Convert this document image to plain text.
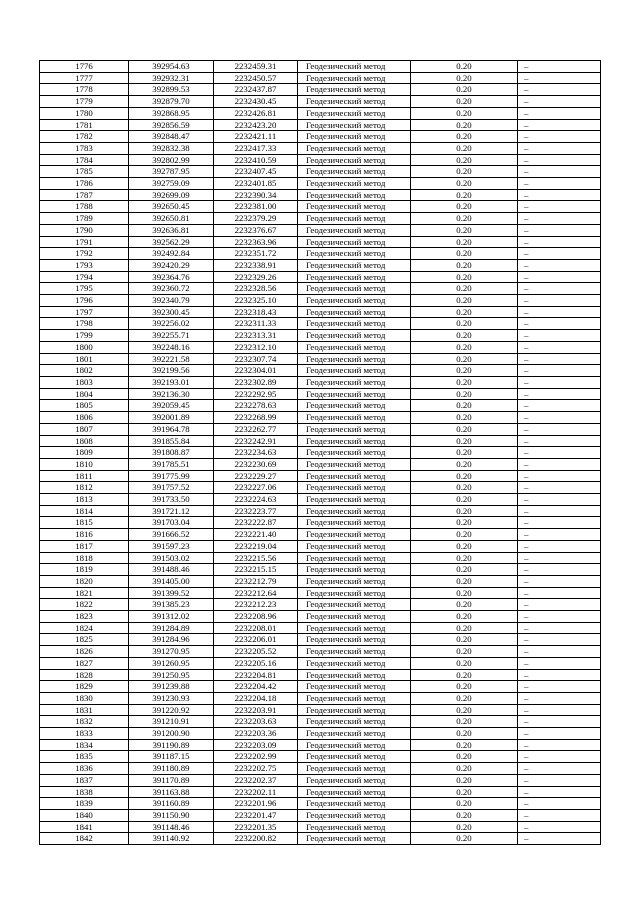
1776	392954.63	2232459.31	Геодезический метод	0.20	–
1777	392932.31	2232450.57	Геодезический метод	0.20	–
1778	392899.53	2232437.87	Геодезический метод	0.20	–
1779	392879.70	2232430.45	Геодезический метод	0.20	–
1780	392868.95	2232426.81	Геодезический метод	0.20	–
1781	392856.59	2232423.20	Геодезический метод	0.20	–
1782	392848.47	2232421.11	Геодезический метод	0.20	–
1783	392832.38	2232417.33	Геодезический метод	0.20	–
1784	392802.99	2232410.59	Геодезический метод	0.20	–
1785	392787.95	2232407.45	Геодезический метод	0.20	–
1786	392759.09	2232401.85	Геодезический метод	0.20	–
1787	392699.09	2232390.34	Геодезический метод	0.20	–
1788	392650.45	2232381.00	Геодезический метод	0.20	–
1789	392650.81	2232379.29	Геодезический метод	0.20	–
1790	392636.81	2232376.67	Геодезический метод	0.20	–
1791	392562.29	2232363.96	Геодезический метод	0.20	–
1792	392492.84	2232351.72	Геодезический метод	0.20	–
1793	392420.29	2232338.91	Геодезический метод	0.20	–
1794	392364.76	2232329.26	Геодезический метод	0.20	–
1795	392360.72	2232328.56	Геодезический метод	0.20	–
1796	392340.79	2232325.10	Геодезический метод	0.20	–
1797	392300.45	2232318.43	Геодезический метод	0.20	–
1798	392256.02	2232311.33	Геодезический метод	0.20	–
1799	392255.71	2232313.31	Геодезический метод	0.20	–
1800	392248.16	2232312.10	Геодезический метод	0.20	–
1801	392221.58	2232307.74	Геодезический метод	0.20	–
1802	392199.56	2232304.01	Геодезический метод	0.20	–
1803	392193.01	2232302.89	Геодезический метод	0.20	–
1804	392136.30	2232292.95	Геодезический метод	0.20	–
1805	392059.45	2232278.63	Геодезический метод	0.20	–
1806	392001.89	2232268.99	Геодезический метод	0.20	–
1807	391964.78	2232262.77	Геодезический метод	0.20	–
1808	391855.84	2232242.91	Геодезический метод	0.20	–
1809	391808.87	2232234.63	Геодезический метод	0.20	–
1810	391785.51	2232230.69	Геодезический метод	0.20	–
1811	391775.99	2232229.27	Геодезический метод	0.20	–
1812	391757.52	2232227.06	Геодезический метод	0.20	–
1813	391733.50	2232224.63	Геодезический метод	0.20	–
1814	391721.12	2232223.77	Геодезический метод	0.20	–
1815	391703.04	2232222.87	Геодезический метод	0.20	–
1816	391666.52	2232221.40	Геодезический метод	0.20	–
1817	391597.23	2232219.04	Геодезический метод	0.20	–
1818	391503.02	2232215.56	Геодезический метод	0.20	–
1819	391488.46	2232215.15	Геодезический метод	0.20	–
1820	391405.00	2232212.79	Геодезический метод	0.20	–
1821	391399.52	2232212.64	Геодезический метод	0.20	–
1822	391385.23	2232212.23	Геодезический метод	0.20	–
1823	391312.02	2232208.96	Геодезический метод	0.20	–
1824	391284.89	2232208.01	Геодезический метод	0.20	–
1825	391284.96	2232206.01	Геодезический метод	0.20	–
1826	391270.95	2232205.52	Геодезический метод	0.20	–
1827	391260.95	2232205.16	Геодезический метод	0.20	–
1828	391250.95	2232204.81	Геодезический метод	0.20	–
1829	391239.88	2232204.42	Геодезический метод	0.20	–
1830	391230.93	2232204.18	Геодезический метод	0.20	–
1831	391220.92	2232203.91	Геодезический метод	0.20	–
1832	391210.91	2232203.63	Геодезический метод	0.20	–
1833	391200.90	2232203.36	Геодезический метод	0.20	–
1834	391190.89	2232203.09	Геодезический метод	0.20	–
1835	391187.15	2232202.99	Геодезический метод	0.20	–
1836	391180.89	2232202.75	Геодезический метод	0.20	–
1837	391170.89	2232202.37	Геодезический метод	0.20	–
1838	391163.88	2232202.11	Геодезический метод	0.20	–
1839	391160.89	2232201.96	Геодезический метод	0.20	–
1840	391150.90	2232201.47	Геодезический метод	0.20	–
1841	391148.46	2232201.35	Геодезический метод	0.20	–
1842	391140.92	2232200.82	Геодезический метод	0.20	–
